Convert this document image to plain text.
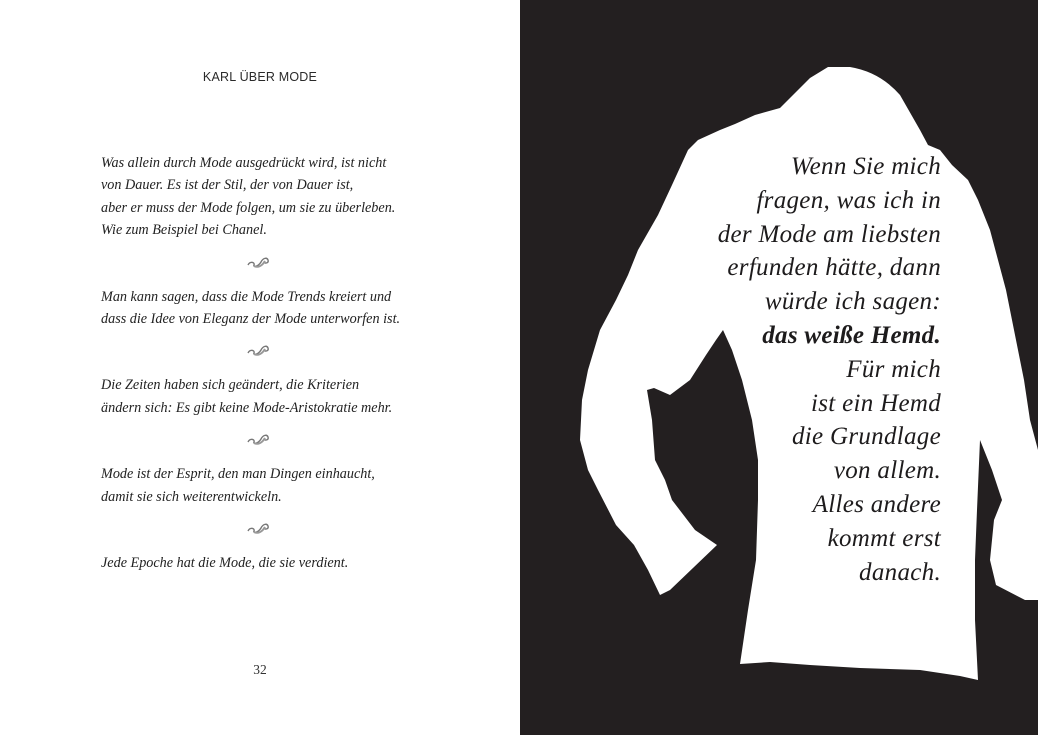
KARL ÜBER MODE

Was allein durch Mode ausgedrückt wird, ist nicht

von Dauer. Es ist der Stil, der von Dauer ist,

aber er muss der Mode folgen, um sie zu überleben.

Wie zum Beispiel bei Chanel.

Man kann sagen, dass die Mode Trends kreiert und

dass die Idee von Eleganz der Mode unterworfen ist.

Die Zeiten haben sich geändert, die Kriterien

ändern sich: Es gibt keine Mode-Aristokratie mehr.

Mode ist der Esprit, den man Dingen einhaucht,

damit sie sich weiterentwickeln.

Jede Epoche hat die Mode, die sie verdient.

32
Wenn Sie mich
fragen, was ich in
der Mode am liebsten
erfunden hätte, dann
würde ich sagen:
das weiße Hemd.
Für mich
ist ein Hemd
die Grundlage
von allem.
Alles andere
kommt erst
danach.
